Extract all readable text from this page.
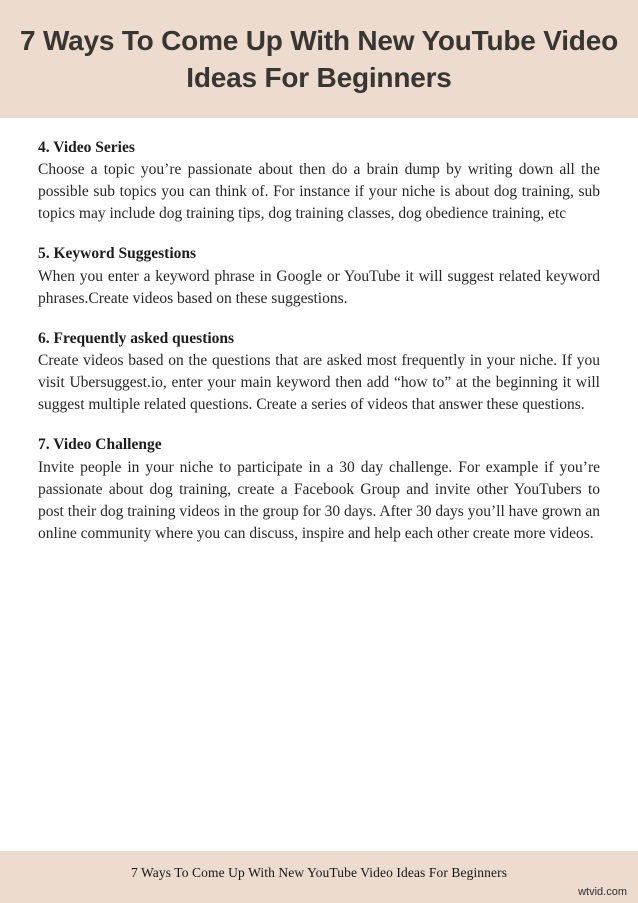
7 Ways To Come Up With New YouTube Video Ideas For Beginners
4. Video Series

Choose a topic you’re passionate about then do a brain dump by writing down all the possible sub topics you can think of. For instance if your niche is about dog training, sub topics may include dog training tips, dog training classes, dog obedience training, etc

5. Keyword Suggestions

When you enter a keyword phrase in Google or YouTube it will suggest related keyword phrases.Create videos based on these suggestions.

6. Frequently asked questions

Create videos based on the questions that are asked most frequently in your niche. If you visit Ubersuggest.io, enter your main keyword then add “how to” at the beginning it will suggest multiple related questions. Create a series of videos that answer these questions.

7. Video Challenge

Invite people in your niche to participate in a 30 day challenge. For example if you’re passionate about dog training, create a Facebook Group and invite other YouTubers to post their dog training videos in the group for 30 days. After 30 days you’ll have grown an online community where you can discuss, inspire and help each other create more videos.

7 Ways To Come Up With New YouTube Video Ideas For Beginners
wtvid.com
